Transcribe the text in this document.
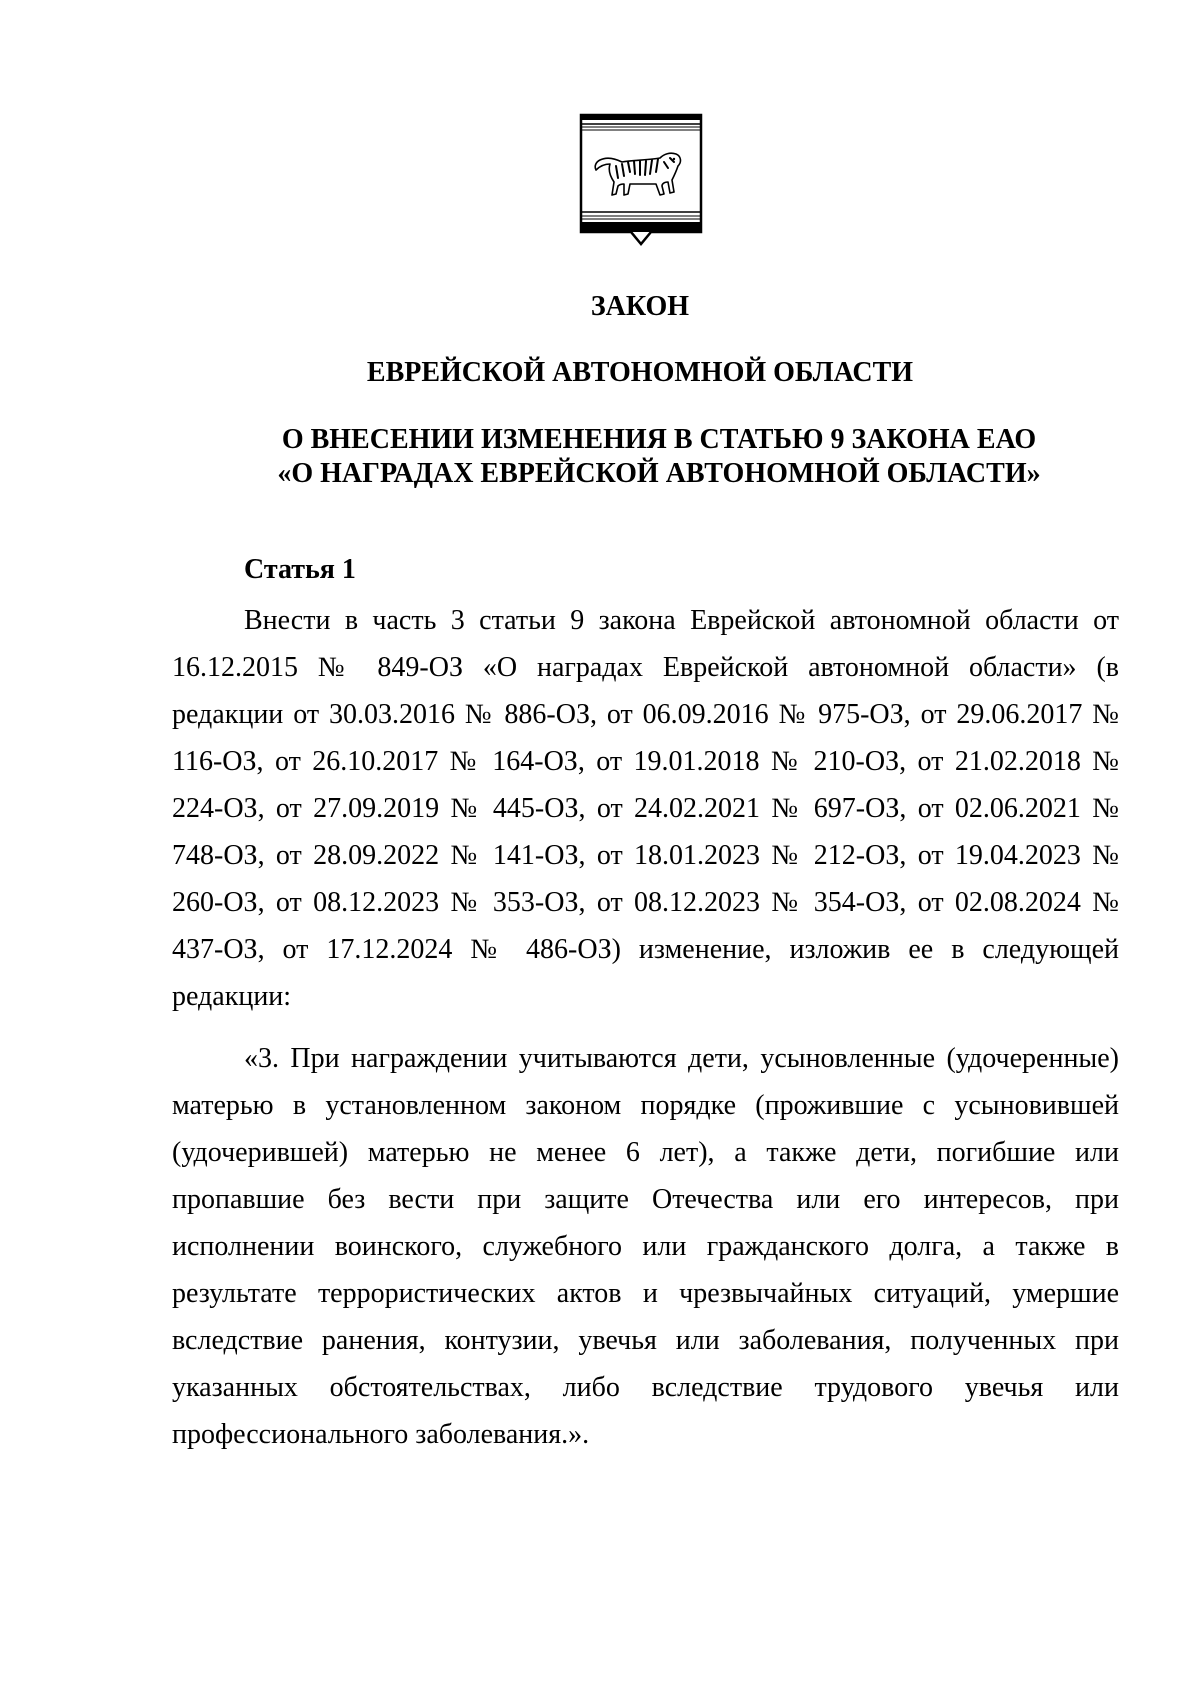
ЗАКОН
ЕВРЕЙСКОЙ АВТОНОМНОЙ ОБЛАСТИ
О ВНЕСЕНИИ ИЗМЕНЕНИЯ В СТАТЬЮ 9 ЗАКОНА ЕАО
«О НАГРАДАХ ЕВРЕЙСКОЙ АВТОНОМНОЙ ОБЛАСТИ»
Статья 1

Внести в часть 3 статьи 9 закона Еврейской автономной области от 16.12.2015 № 849-ОЗ «О наградах Еврейской автономной области» (в редакции от 30.03.2016 № 886-ОЗ, от 06.09.2016 № 975-ОЗ, от 29.06.2017 № 116-ОЗ, от 26.10.2017 № 164-ОЗ, от 19.01.2018 № 210-ОЗ, от 21.02.2018 № 224-ОЗ, от 27.09.2019 № 445-ОЗ, от 24.02.2021 № 697-ОЗ, от 02.06.2021 № 748-ОЗ, от 28.09.2022 № 141-ОЗ, от 18.01.2023 № 212-ОЗ, от 19.04.2023 № 260-ОЗ, от 08.12.2023 № 353-ОЗ, от 08.12.2023 № 354-ОЗ, от 02.08.2024 № 437-ОЗ, от 17.12.2024 № 486-ОЗ) изменение, изложив ее в следующей редакции:

«3. При награждении учитываются дети, усыновленные (удочеренные) матерью в установленном законом порядке (прожившие с усыновившей (удочерившей) матерью не менее 6 лет), а также дети, погибшие или пропавшие без вести при защите Отечества или его интересов, при исполнении воинского, служебного или гражданского долга, а также в результате террористических актов и чрезвычайных ситуаций, умершие вследствие ранения, контузии, увечья или заболевания, полученных при указанных обстоятельствах, либо вследствие трудового увечья или профессионального заболевания.».
